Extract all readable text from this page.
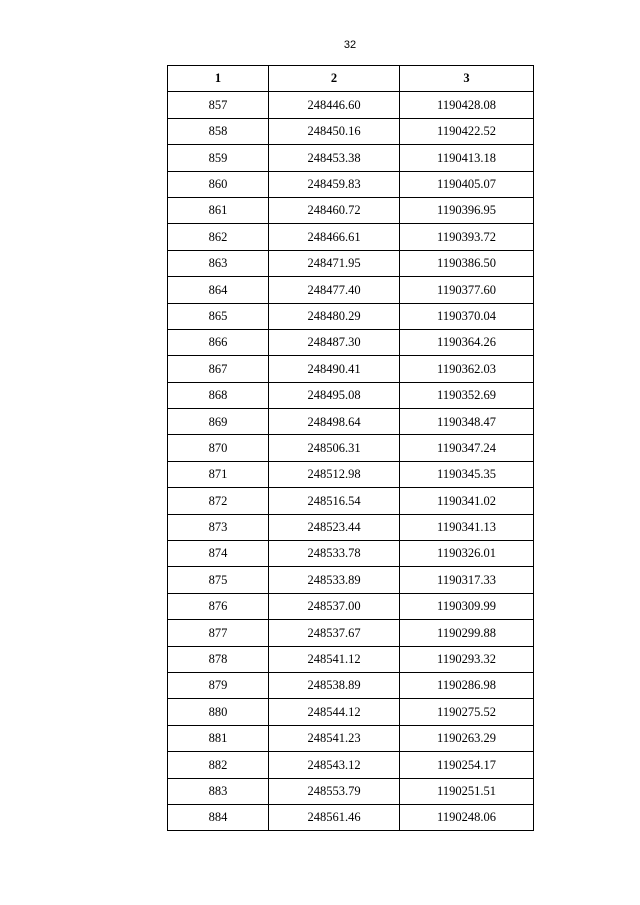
32
1	2	3
857	248446.60	1190428.08
858	248450.16	1190422.52
859	248453.38	1190413.18
860	248459.83	1190405.07
861	248460.72	1190396.95
862	248466.61	1190393.72
863	248471.95	1190386.50
864	248477.40	1190377.60
865	248480.29	1190370.04
866	248487.30	1190364.26
867	248490.41	1190362.03
868	248495.08	1190352.69
869	248498.64	1190348.47
870	248506.31	1190347.24
871	248512.98	1190345.35
872	248516.54	1190341.02
873	248523.44	1190341.13
874	248533.78	1190326.01
875	248533.89	1190317.33
876	248537.00	1190309.99
877	248537.67	1190299.88
878	248541.12	1190293.32
879	248538.89	1190286.98
880	248544.12	1190275.52
881	248541.23	1190263.29
882	248543.12	1190254.17
883	248553.79	1190251.51
884	248561.46	1190248.06
